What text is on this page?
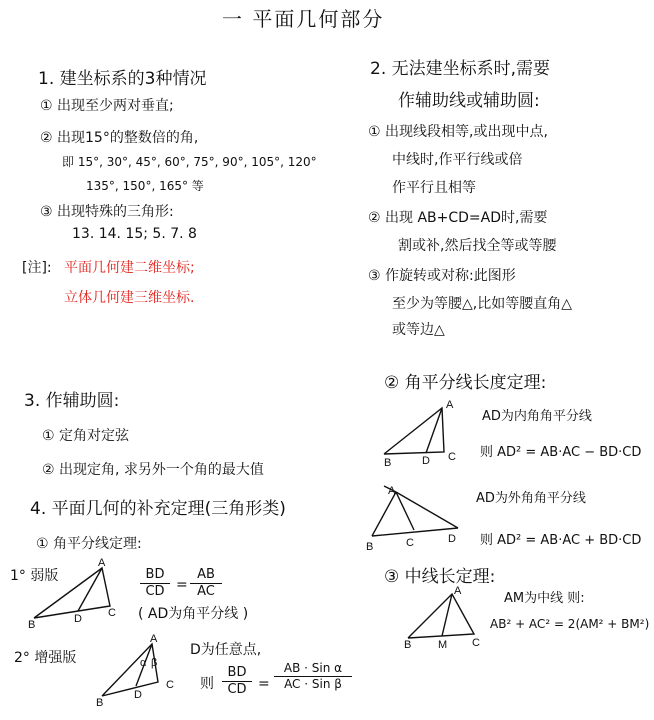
一 平面几何部分
1. 建坐标系的3种情况
① 出现至少两对垂直;
② 出现15°的整数倍的角,
即 15°, 30°, 45°, 60°, 75°, 90°, 105°, 120°
135°, 150°, 165° 等
③ 出现特殊的三角形:
13. 14. 15; 5. 7. 8
[注]: 平面几何建二维坐标;
立体几何建三维坐标.
2. 无法建坐标系时,需要
作辅助线或辅助圆:
① 出现线段相等,或出现中点,
中线时,作平行线或倍
作平行且相等
② 出现 AB+CD=AD时,需要
割或补,然后找全等或等腰
③ 作旋转或对称:此图形
至少为等腰△,比如等腰直角△
或等边△
3. 作辅助圆:
① 定角对定弦
② 出现定角, 求另外一个角的最大值
4. 平面几何的补充定理(三角形类)
① 角平分线定理:
1° 弱版
B
A
D C
BD
CD =
AB
AC
( AD为角平分线 )
2° 增强版
B
A
D
C
α β
D为任意点,
则
BD
CD =
AB · Sin α
AC · Sin β
② 角平分线长度定理:
B
A
D C
AD为内角角平分线
则 AD² = AB·AC − BD·CD
B
A
C	D
AD为外角角平分线
则 AD² = AB·AC + BD·CD
③ 中线长定理:
B
A
M C
AM为中线 则:
AB² + AC² = 2(AM² + BM²)
